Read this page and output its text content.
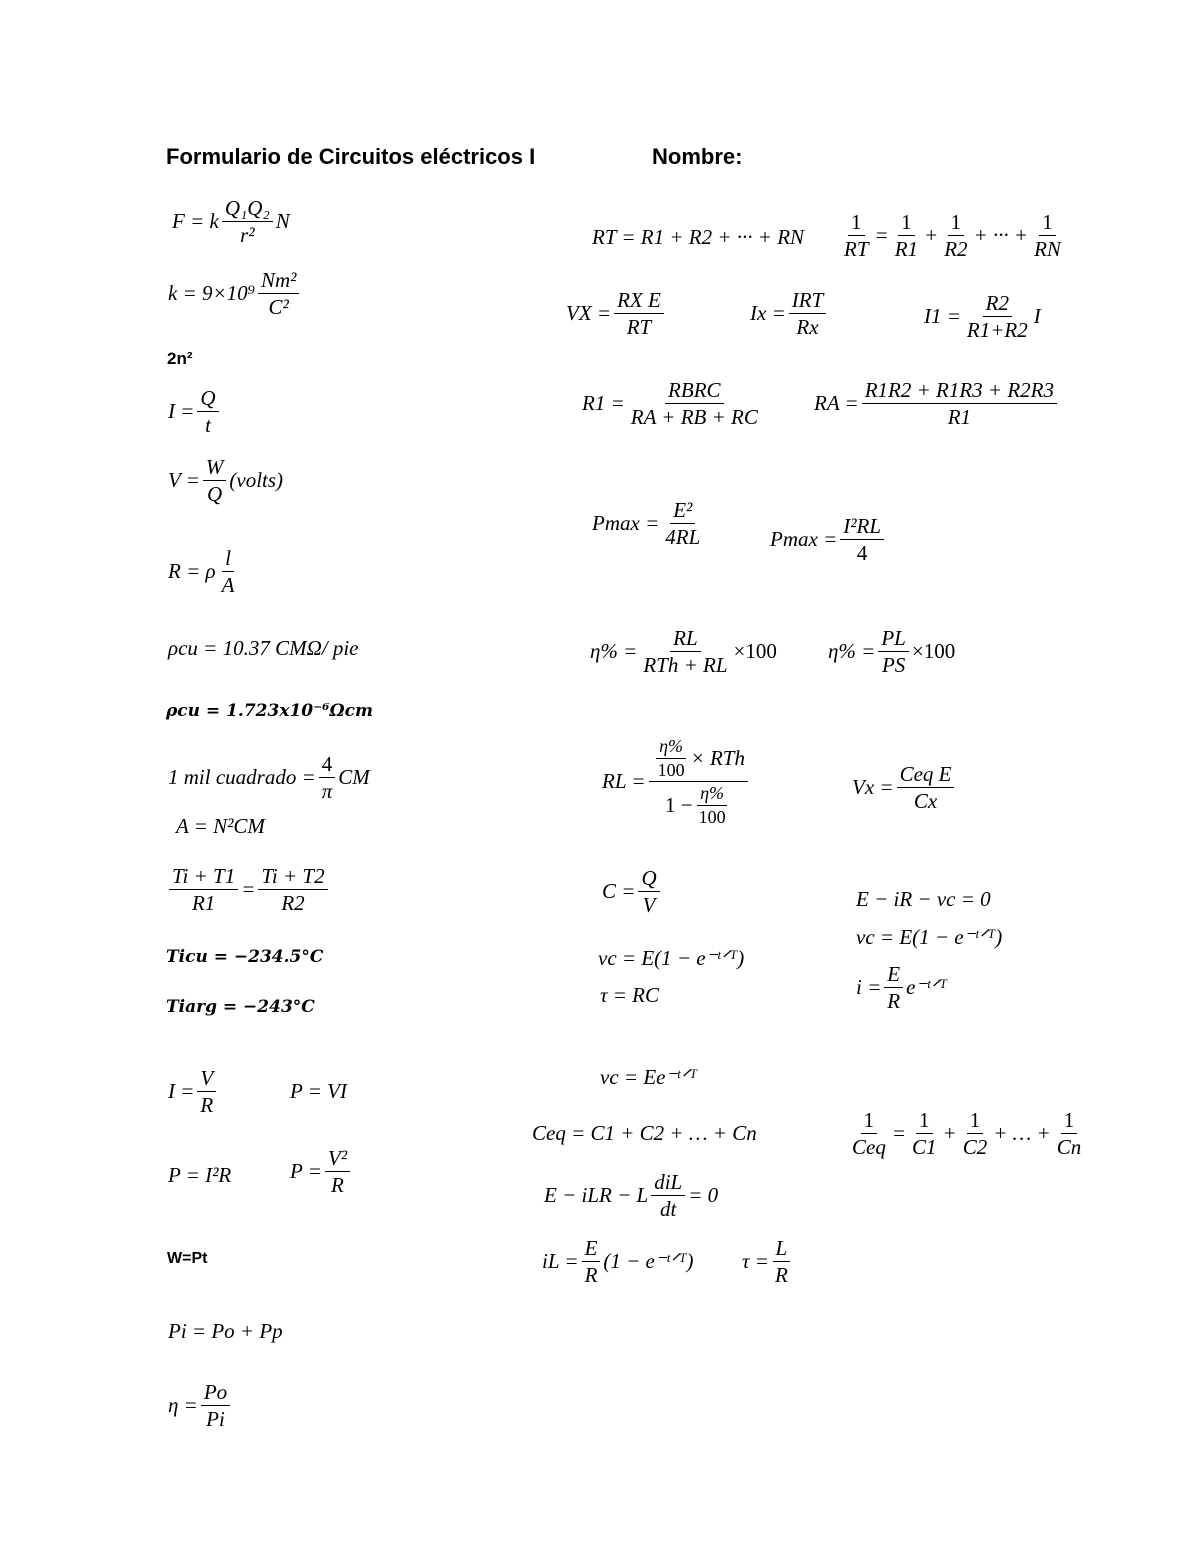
Formulario de Circuitos eléctricos I	Nombre:
F = k $\frac{\text{Q₁Q₂}}{\text{r²}}$ N
$k = 9\times 10^9 \frac{\text{Nm²}}{\text{C²}}$
2n²
$I = \frac{Q}{t}$
$V = \frac{W}{Q}$ (volts)
R = ρ $\frac{l}{A}$
ρcu = 10.37 CMΩ/ pie
ρcu = 1.723x10⁻⁶Ωcm
1 mil cuadrado = $\frac{4}{\pi}$ CM
A = N²CM
$\frac{Ti + T1}{R1} = \frac{Ti + T2}{R2}$
Ticu = −234.5°C
Tiarg = −243°C
$I = \frac{V}{R}$	P = VI
P = I²R	$P = \frac{\text{V²}}{R}$
W=Pt
Pi = Po + Pp
$\eta = \frac{Po}{Pi}$
RT = R1 + R2 + ··· + RN $\frac{1}{RT} = \frac{1}{R1} + \frac{1}{R2}$ + ··· + $\frac{1}{RN}$
VX = $\frac{\text{RX E}}{RT}$	$Ix = \frac{\text{IRT}}{Rx}$	$I1 = \frac{R2}{R1+R2}$ I
$R1 = \frac{\text{RBRC}}{RA + RB + RC}$	RA = $\frac{R1R2 + R1R3 + R2R3}{R1}$
$Pmax = \frac{\text{E²}}{4RL}$	$Pmax = \frac{\text{I²RL}}{4}$
$\eta\% = \frac{RL}{\text{RTh + RL}} \times 100$ $\eta\% = \frac{PL}{PS} \times 100$
RL = $\frac{\frac{\eta\%}{100} \times RTh}{1 - \frac{\eta\%}{100}}$	$Vx = \frac{\text{Ceq E}}{Cx}$
$C = \frac{Q}{V}$	E − iR − vc = 0
vc = E(1 − e⁻ᵗᐟᵀ)
vc = E(1 − e⁻ᵗᐟᵀ)
τ = RC	$i = \frac{E}{R}$ e⁻ᵗᐟᵀ
vc = Ee⁻ᵗᐟᵀ
Ceq = C1 + C2 + … + Cn	$\frac{1}{\text{Ceq}} = \frac{1}{C1} + \frac{1}{C2}$ + … + $\frac{1}{Cn}$
E − iLR − L $\frac{\text{diL}}{dt} = 0$
iL = $\frac{E}{R} (1$ − e⁻ᵗᐟᵀ) $\tau = \frac{L}{R}$
